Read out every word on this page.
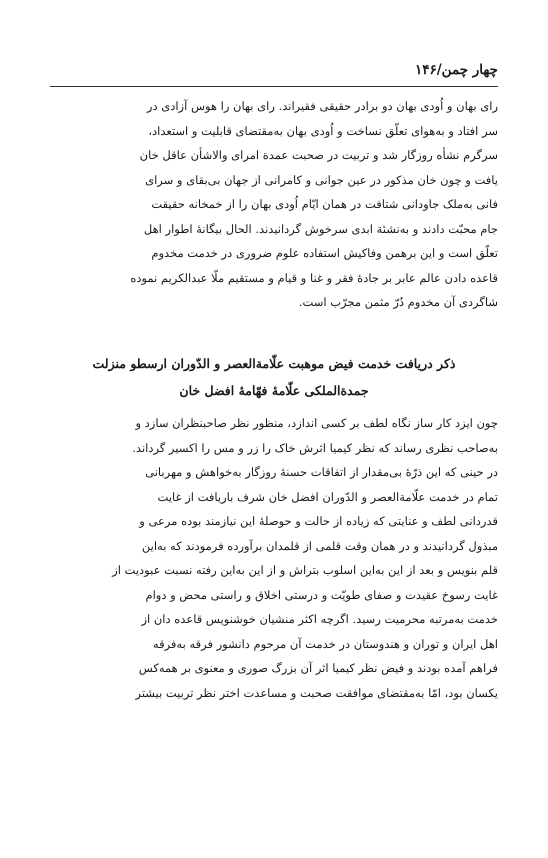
چهار چمن/۱۴۶

رای بهان و اُودی بهان دو برادر حقیقی فقیراند. رای بهان را هوس آزادی در
سر افتاد و به‌هوای تعلّق نساخت و اُودی بهان به‌مقتضای قابلیت و استعداد،
سرگرم نشأه روزگار شد و تربیت در صحبت عمدة امرای والاشأن عاقل خان
یافت و چون خان مذکور در عین جوانی و کامرانی از جهان بی‌بقای و سرای
فانی به‌ملک جاودانی شتافت در همان ایّام اُودی بهان را از خمخانه حقیقت
جام محبّت دادند و به‌نشئة ابدی سرخوش گردانیدند. الحال بیگانهٔ اطوار اهل
تعلّق است و این برهمن وفاکیش استفاده علوم ضروری در خدمت مخدوم
قاعده دادن عالم عابر بر جادۀ فقر و غنا و قیام و مستقیم ملّا عبدالکریم نموده
شاگردی آن مخدوم دُرّ مثمن مجرّب است.

ذکر دریافت خدمت فیض موهبت علّامة‌العصر و الدّوران ارسطو منزلت
جمدة‌الملکی علّامهٔ فهّامهٔ افضل خان

چون ایزد کار ساز نگاه لطف بر کسی اندازد، منظور نظر صاحبنظران سازد و
به‌صاحب نظری رساند که نظر کیمیا اثرش خاک را زر و مس را اکسیر گرداند.
در حینی که این ذرّۀ بی‌مقدار از اتفاقات حسنۀ روزگار به‌خواهش و مهربانی
تمام در خدمت علّامة‌العصر و الدّوران افضل خان شرف باریافت از غایت
قدردانی لطف و عنایتی که زیاده از حالت و حوصلهٔ این نیازمند بوده مرعی و
مبذول گردانیدند و در همان وقت قلمی از قلمدان برآورده فرمودند که به‌این
قلم بنویس و بعد از این به‌این اسلوب بتراش و از این به‌این رفته نسبت عبودیت از
غایت رسوخ عقیدت و صفای طویّت و درستی اخلاق و راستی محض و دوام
خدمت به‌مرتبه محرمیت رسید. اگرچه اکثر منشیان خوشنویس قاعده دان از
اهل ایران و توران و هندوستان در خدمت آن مرحوم دانشور فرقه به‌فرقه
فراهم آمده بودند و فیض نظر کیمیا اثر آن بزرگ صوری و معنوی بر همه‌کس
یکسان بود، امّا به‌مقتضای موافقت صحبت و مساعدت اختر نظر تربیت بیشتر
